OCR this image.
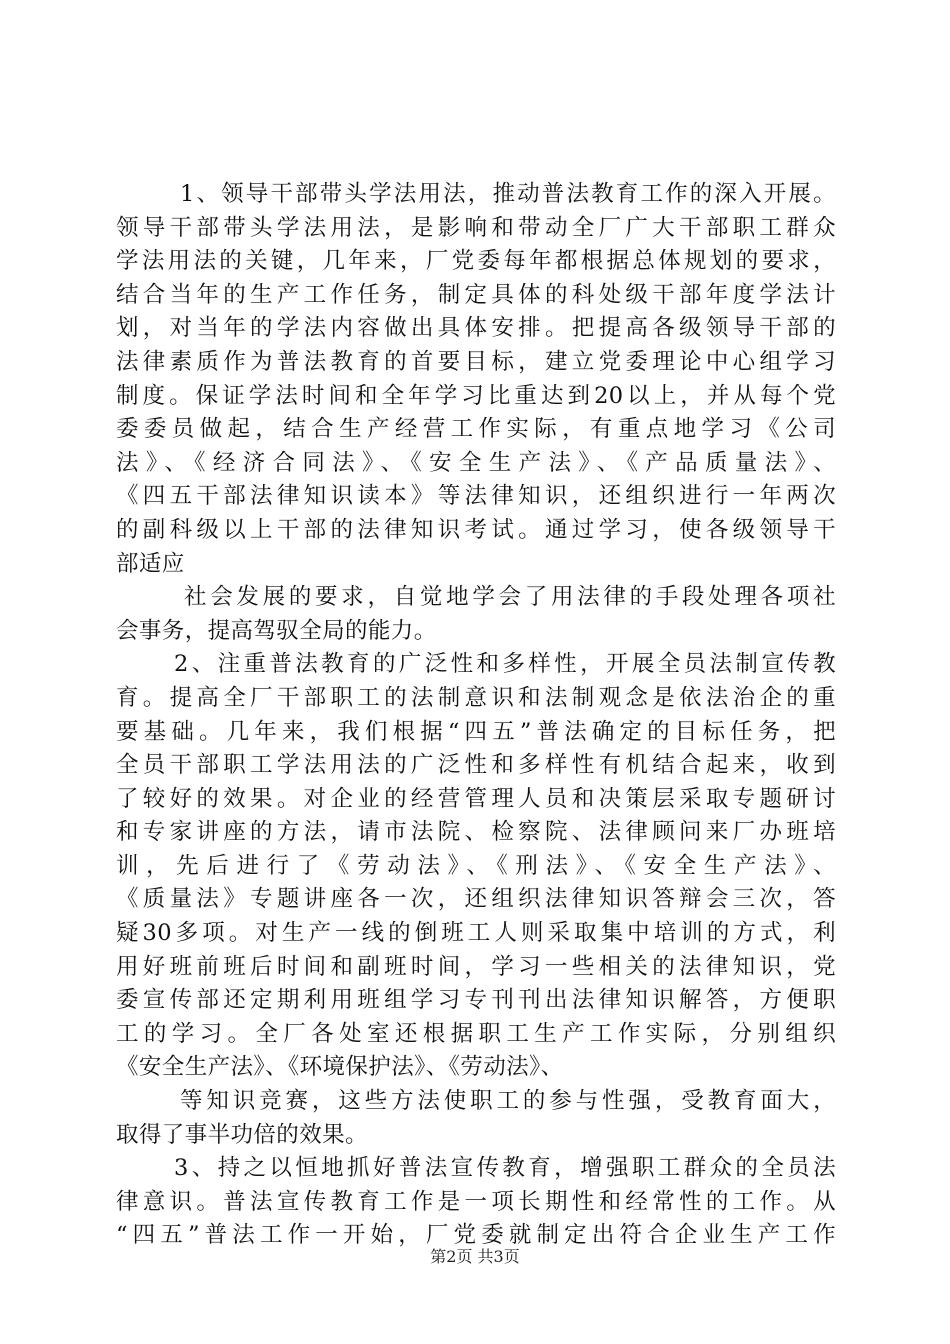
1、领导干部带头学法用法，推动普法教育工作的深入开展。
领导干部带头学法用法，是影响和带动全厂广大干部职工群众
学法用法的关键，几年来，厂党委每年都根据总体规划的要求，
结合当年的生产工作任务，制定具体的科处级干部年度学法计
划，对当年的学法内容做出具体安排。把提高各级领导干部的
法律素质作为普法教育的首要目标，建立党委理论中心组学习
制度。保证学法时间和全年学习比重达到20以上，并从每个党
委委员做起，结合生产经营工作实际，有重点地学习《公司
法》、《经济合同法》、《安全生产法》、《产品质量法》、
《四五干部法律知识读本》等法律知识，还组织进行一年两次
的副科级以上干部的法律知识考试。通过学习，使各级领导干
部适应
社会发展的要求，自觉地学会了用法律的手段处理各项社
会事务，提高驾驭全局的能力。
2、注重普法教育的广泛性和多样性，开展全员法制宣传教
育。提高全厂干部职工的法制意识和法制观念是依法治企的重
要基础。几年来，我们根据“四五”普法确定的目标任务，把
全员干部职工学法用法的广泛性和多样性有机结合起来，收到
了较好的效果。对企业的经营管理人员和决策层采取专题研讨
和专家讲座的方法，请市法院、检察院、法律顾问来厂办班培
训，先后进行了《劳动法》、《刑法》、《安全生产法》、
《质量法》专题讲座各一次，还组织法律知识答辩会三次，答
疑30多项。对生产一线的倒班工人则采取集中培训的方式，利
用好班前班后时间和副班时间，学习一些相关的法律知识，党
委宣传部还定期利用班组学习专刊刊出法律知识解答，方便职
工的学习。全厂各处室还根据职工生产工作实际，分别组织
《安全生产法》、《环境保护法》、《劳动法》、
等知识竞赛，这些方法使职工的参与性强，受教育面大，
取得了事半功倍的效果。
3、持之以恒地抓好普法宣传教育，增强职工群众的全员法
律意识。普法宣传教育工作是一项长期性和经常性的工作。从
“四五”普法工作一开始，厂党委就制定出符合企业生产工作
第2页 共3页
